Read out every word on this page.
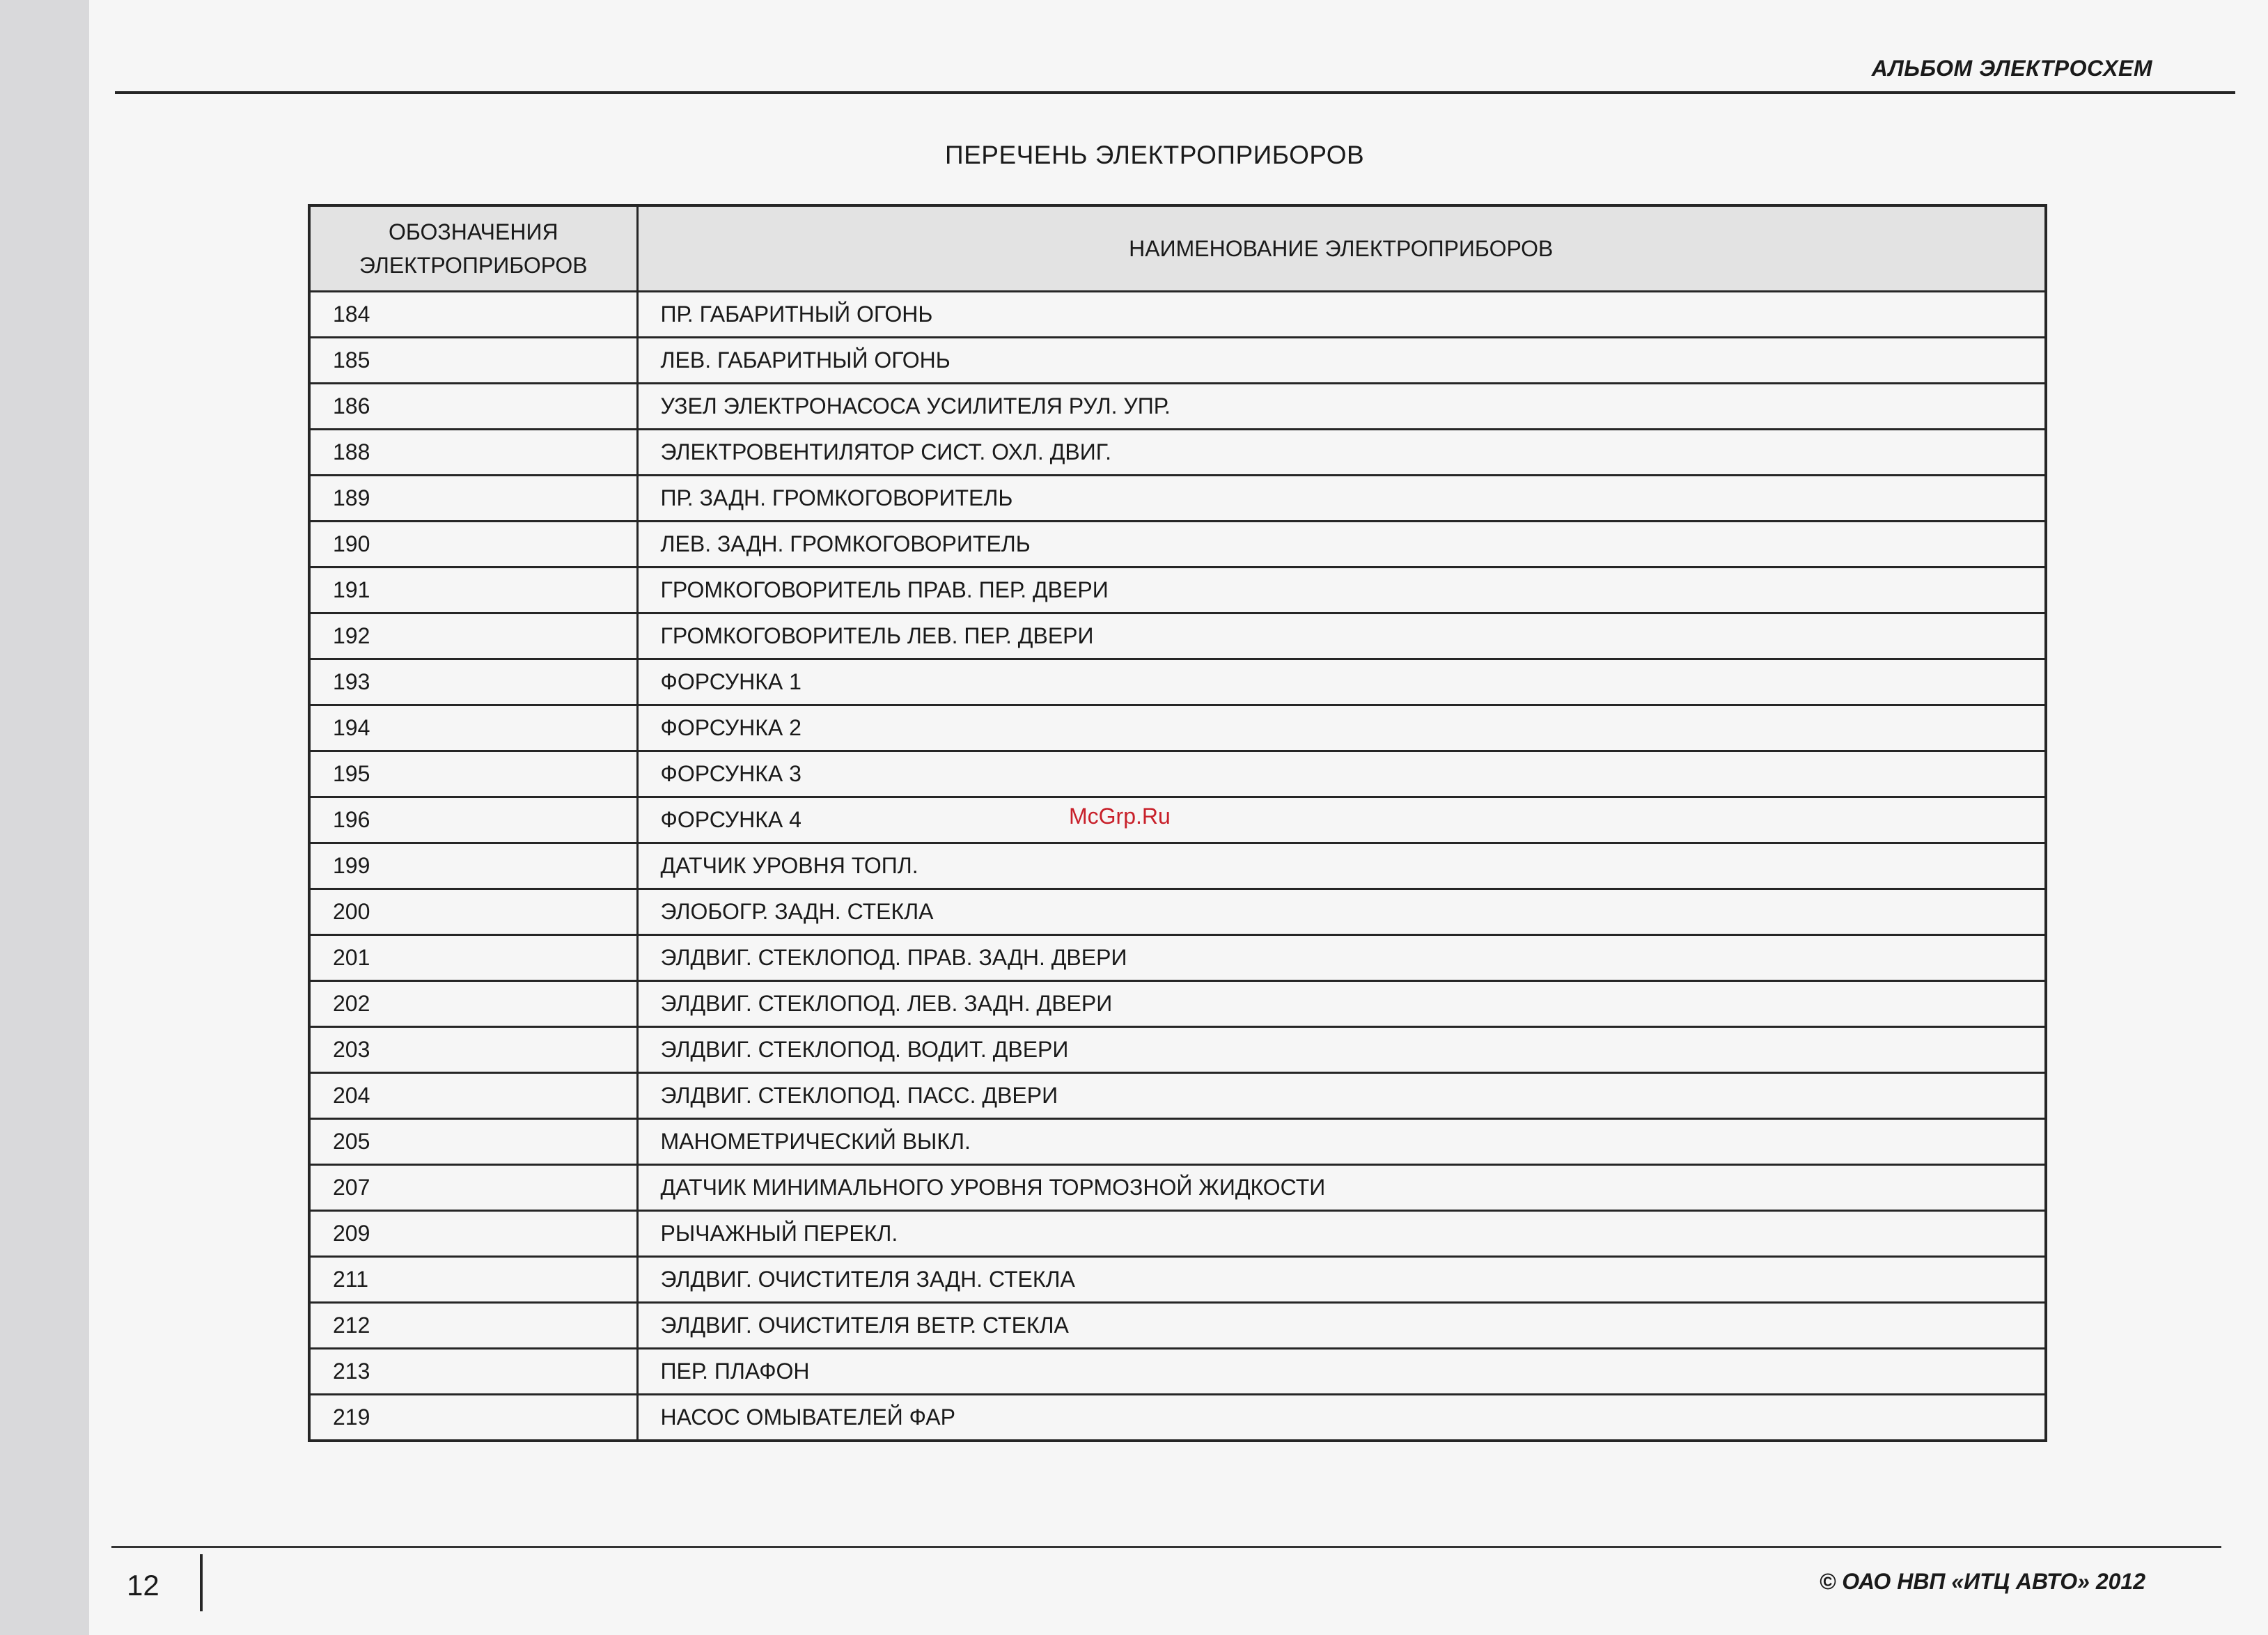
АЛЬБОМ ЭЛЕКТРОСХЕМ
ПЕРЕЧЕНЬ ЭЛЕКТРОПРИБОРОВ
ОБОЗНАЧЕНИЯ
ЭЛЕКТРОПРИБОРОВ	НАИМЕНОВАНИЕ ЭЛЕКТРОПРИБОРОВ
184	ПР. ГАБАРИТНЫЙ ОГОНЬ
185	ЛЕВ. ГАБАРИТНЫЙ ОГОНЬ
186	УЗЕЛ ЭЛЕКТРОНАСОСА УСИЛИТЕЛЯ РУЛ. УПР.
188	ЭЛЕКТРОВЕНТИЛЯТОР СИСТ. ОХЛ. ДВИГ.
189	ПР. ЗАДН. ГРОМКОГОВОРИТЕЛЬ
190	ЛЕВ. ЗАДН. ГРОМКОГОВОРИТЕЛЬ
191	ГРОМКОГОВОРИТЕЛЬ ПРАВ. ПЕР. ДВЕРИ
192	ГРОМКОГОВОРИТЕЛЬ ЛЕВ. ПЕР. ДВЕРИ
193	ФОРСУНКА 1
194	ФОРСУНКА 2
195	ФОРСУНКА 3
196	ФОРСУНКА 4
199	ДАТЧИК УРОВНЯ ТОПЛ.
200	ЭЛОБОГР. ЗАДН. СТЕКЛА
201	ЭЛДВИГ. СТЕКЛОПОД. ПРАВ. ЗАДН. ДВЕРИ
202	ЭЛДВИГ. СТЕКЛОПОД. ЛЕВ. ЗАДН. ДВЕРИ
203	ЭЛДВИГ. СТЕКЛОПОД. ВОДИТ. ДВЕРИ
204	ЭЛДВИГ. СТЕКЛОПОД. ПАСС. ДВЕРИ
205	МАНОМЕТРИЧЕСКИЙ ВЫКЛ.
207	ДАТЧИК МИНИМАЛЬНОГО УРОВНЯ ТОРМОЗНОЙ ЖИДКОСТИ
209	РЫЧАЖНЫЙ ПЕРЕКЛ.
211	ЭЛДВИГ. ОЧИСТИТЕЛЯ ЗАДН. СТЕКЛА
212	ЭЛДВИГ. ОЧИСТИТЕЛЯ ВЕТР. СТЕКЛА
213	ПЕР. ПЛАФОН
219	НАСОС ОМЫВАТЕЛЕЙ ФАР
McGrp.Ru
12	© ОАО НВП «ИТЦ АВТО» 2012
